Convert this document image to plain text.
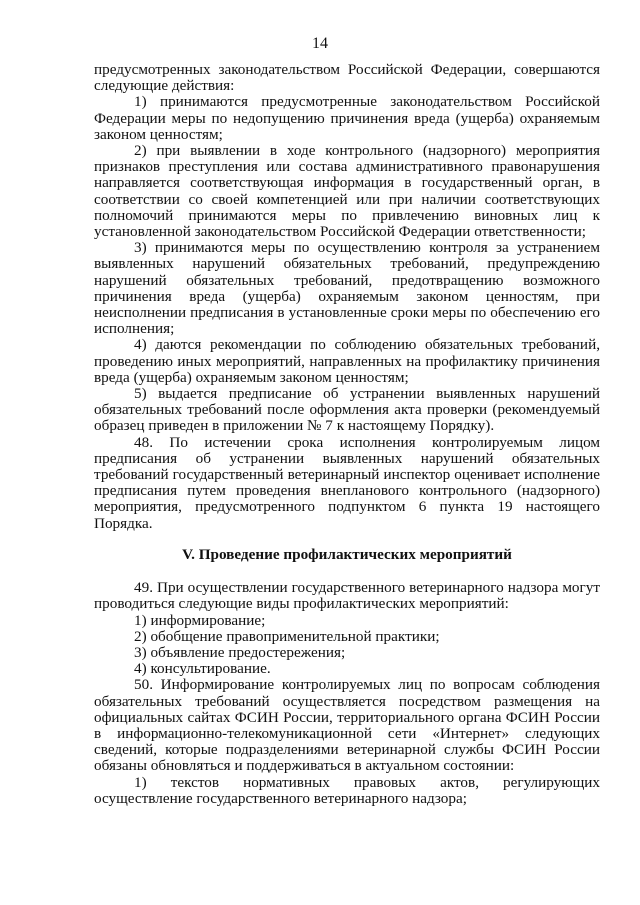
14

предусмотренных законодательством Российской Федерации, совершаются следующие действия:

1) принимаются предусмотренные законодательством Российской Федерации меры по недопущению причинения вреда (ущерба) охраняемым законом ценностям;

2) при выявлении в ходе контрольного (надзорного) мероприятия признаков преступления или состава административного правонарушения направляется соответствующая информация в государственный орган, в соответствии со своей компетенцией или при наличии соответствующих полномочий принимаются меры по привлечению виновных лиц к установленной законодательством Российской Федерации ответственности;

3) принимаются меры по осуществлению контроля за устранением выявленных нарушений обязательных требований, предупреждению нарушений обязательных требований, предотвращению возможного причинения вреда (ущерба) охраняемым законом ценностям, при неисполнении предписания в установленные сроки меры по обеспечению его исполнения;

4) даются рекомендации по соблюдению обязательных требований, проведению иных мероприятий, направленных на профилактику причинения вреда (ущерба) охраняемым законом ценностям;

5) выдается предписание об устранении выявленных нарушений обязательных требований после оформления акта проверки (рекомендуемый образец приведен в приложении № 7 к настоящему Порядку).

48. По истечении срока исполнения контролируемым лицом предписания об устранении выявленных нарушений обязательных требований государственный ветеринарный инспектор оценивает исполнение предписания путем проведения внепланового контрольного (надзорного) мероприятия, предусмотренного подпунктом 6 пункта 19 настоящего Порядка.

V. Проведение профилактических мероприятий

49. При осуществлении государственного ветеринарного надзора могут проводиться следующие виды профилактических мероприятий:

1) информирование;

2) обобщение правоприменительной практики;

3) объявление предостережения;

4) консультирование.

50. Информирование контролируемых лиц по вопросам соблюдения обязательных требований осуществляется посредством размещения на официальных сайтах ФСИН России, территориального органа ФСИН России в информационно-телекомуникационной сети «Интернет» следующих сведений, которые подразделениями ветеринарной службы ФСИН России обязаны обновляться и поддерживаться в актуальном состоянии:

1) текстов нормативных правовых актов, регулирующих осуществление государственного ветеринарного надзора;
